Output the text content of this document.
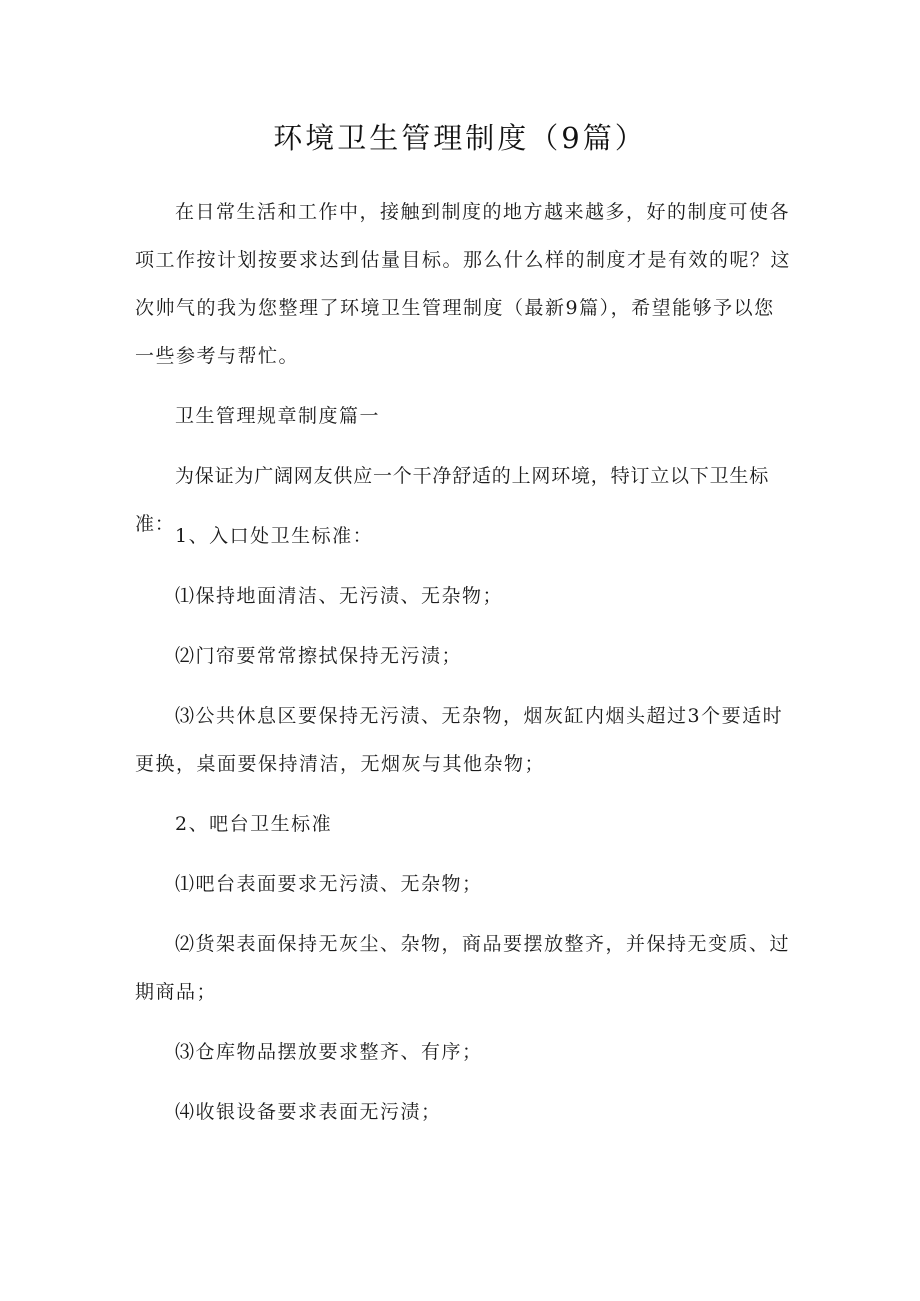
环境卫生管理制度（9篇）

在日常生活和工作中，接触到制度的地方越来越多，好的制度可使各项工作按计划按要求达到估量目标。那么什么样的制度才是有效的呢？这次帅气的我为您整理了环境卫生管理制度（最新9篇），希望能够予以您一些参考与帮忙。

卫生管理规章制度篇一

为保证为广阔网友供应一个干净舒适的上网环境，特订立以下卫生标准：

1、入口处卫生标准：

⑴保持地面清洁、无污渍、无杂物；

⑵门帘要常常擦拭保持无污渍；

⑶公共休息区要保持无污渍、无杂物，烟灰缸内烟头超过3个要适时更换，桌面要保持清洁，无烟灰与其他杂物；

2、吧台卫生标准

⑴吧台表面要求无污渍、无杂物；

⑵货架表面保持无灰尘、杂物，商品要摆放整齐，并保持无变质、过期商品；

⑶仓库物品摆放要求整齐、有序；

⑷收银设备要求表面无污渍；
